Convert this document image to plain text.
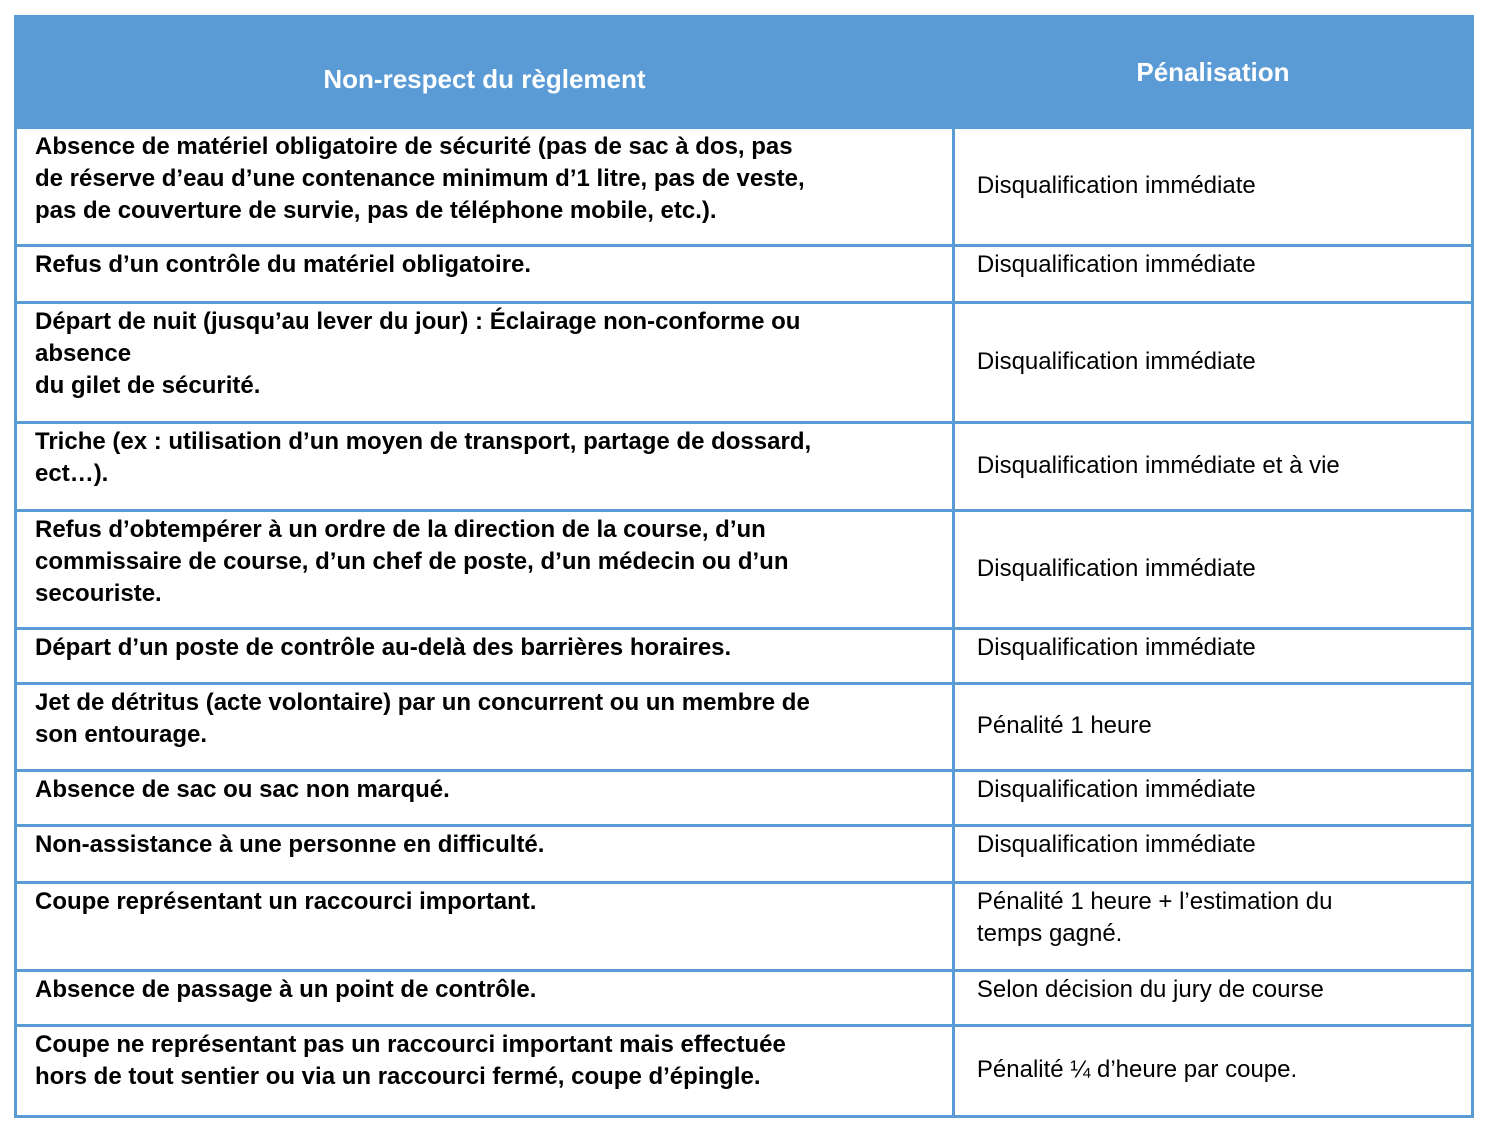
Non-respect du règlement	Pénalisation
Absence de matériel obligatoire de sécurité (pas de sac à dos, pas
de réserve d’eau d’une contenance minimum d’1 litre, pas de veste,
pas de couverture de survie, pas de téléphone mobile, etc.).	Disqualification immédiate
Refus d’un contrôle du matériel obligatoire.	Disqualification immédiate
Départ de nuit (jusqu’au lever du jour) : Éclairage non-conforme ou
absence
du gilet de sécurité.	Disqualification immédiate
Triche (ex : utilisation d’un moyen de transport, partage de dossard,
ect…).	Disqualification immédiate et à vie
Refus d’obtempérer à un ordre de la direction de la course, d’un
commissaire de course, d’un chef de poste, d’un médecin ou d’un
secouriste.	Disqualification immédiate
Départ d’un poste de contrôle au-delà des barrières horaires.	Disqualification immédiate
Jet de détritus (acte volontaire) par un concurrent ou un membre de
son entourage.	Pénalité 1 heure
Absence de sac ou sac non marqué.	Disqualification immédiate
Non-assistance à une personne en difficulté.	Disqualification immédiate
Coupe représentant un raccourci important.	Pénalité 1 heure + l’estimation du
temps gagné.
Absence de passage à un point de contrôle.	Selon décision du jury de course
Coupe ne représentant pas un raccourci important mais effectuée
hors de tout sentier ou via un raccourci fermé, coupe d’épingle.	Pénalité ¼ d’heure par coupe.
